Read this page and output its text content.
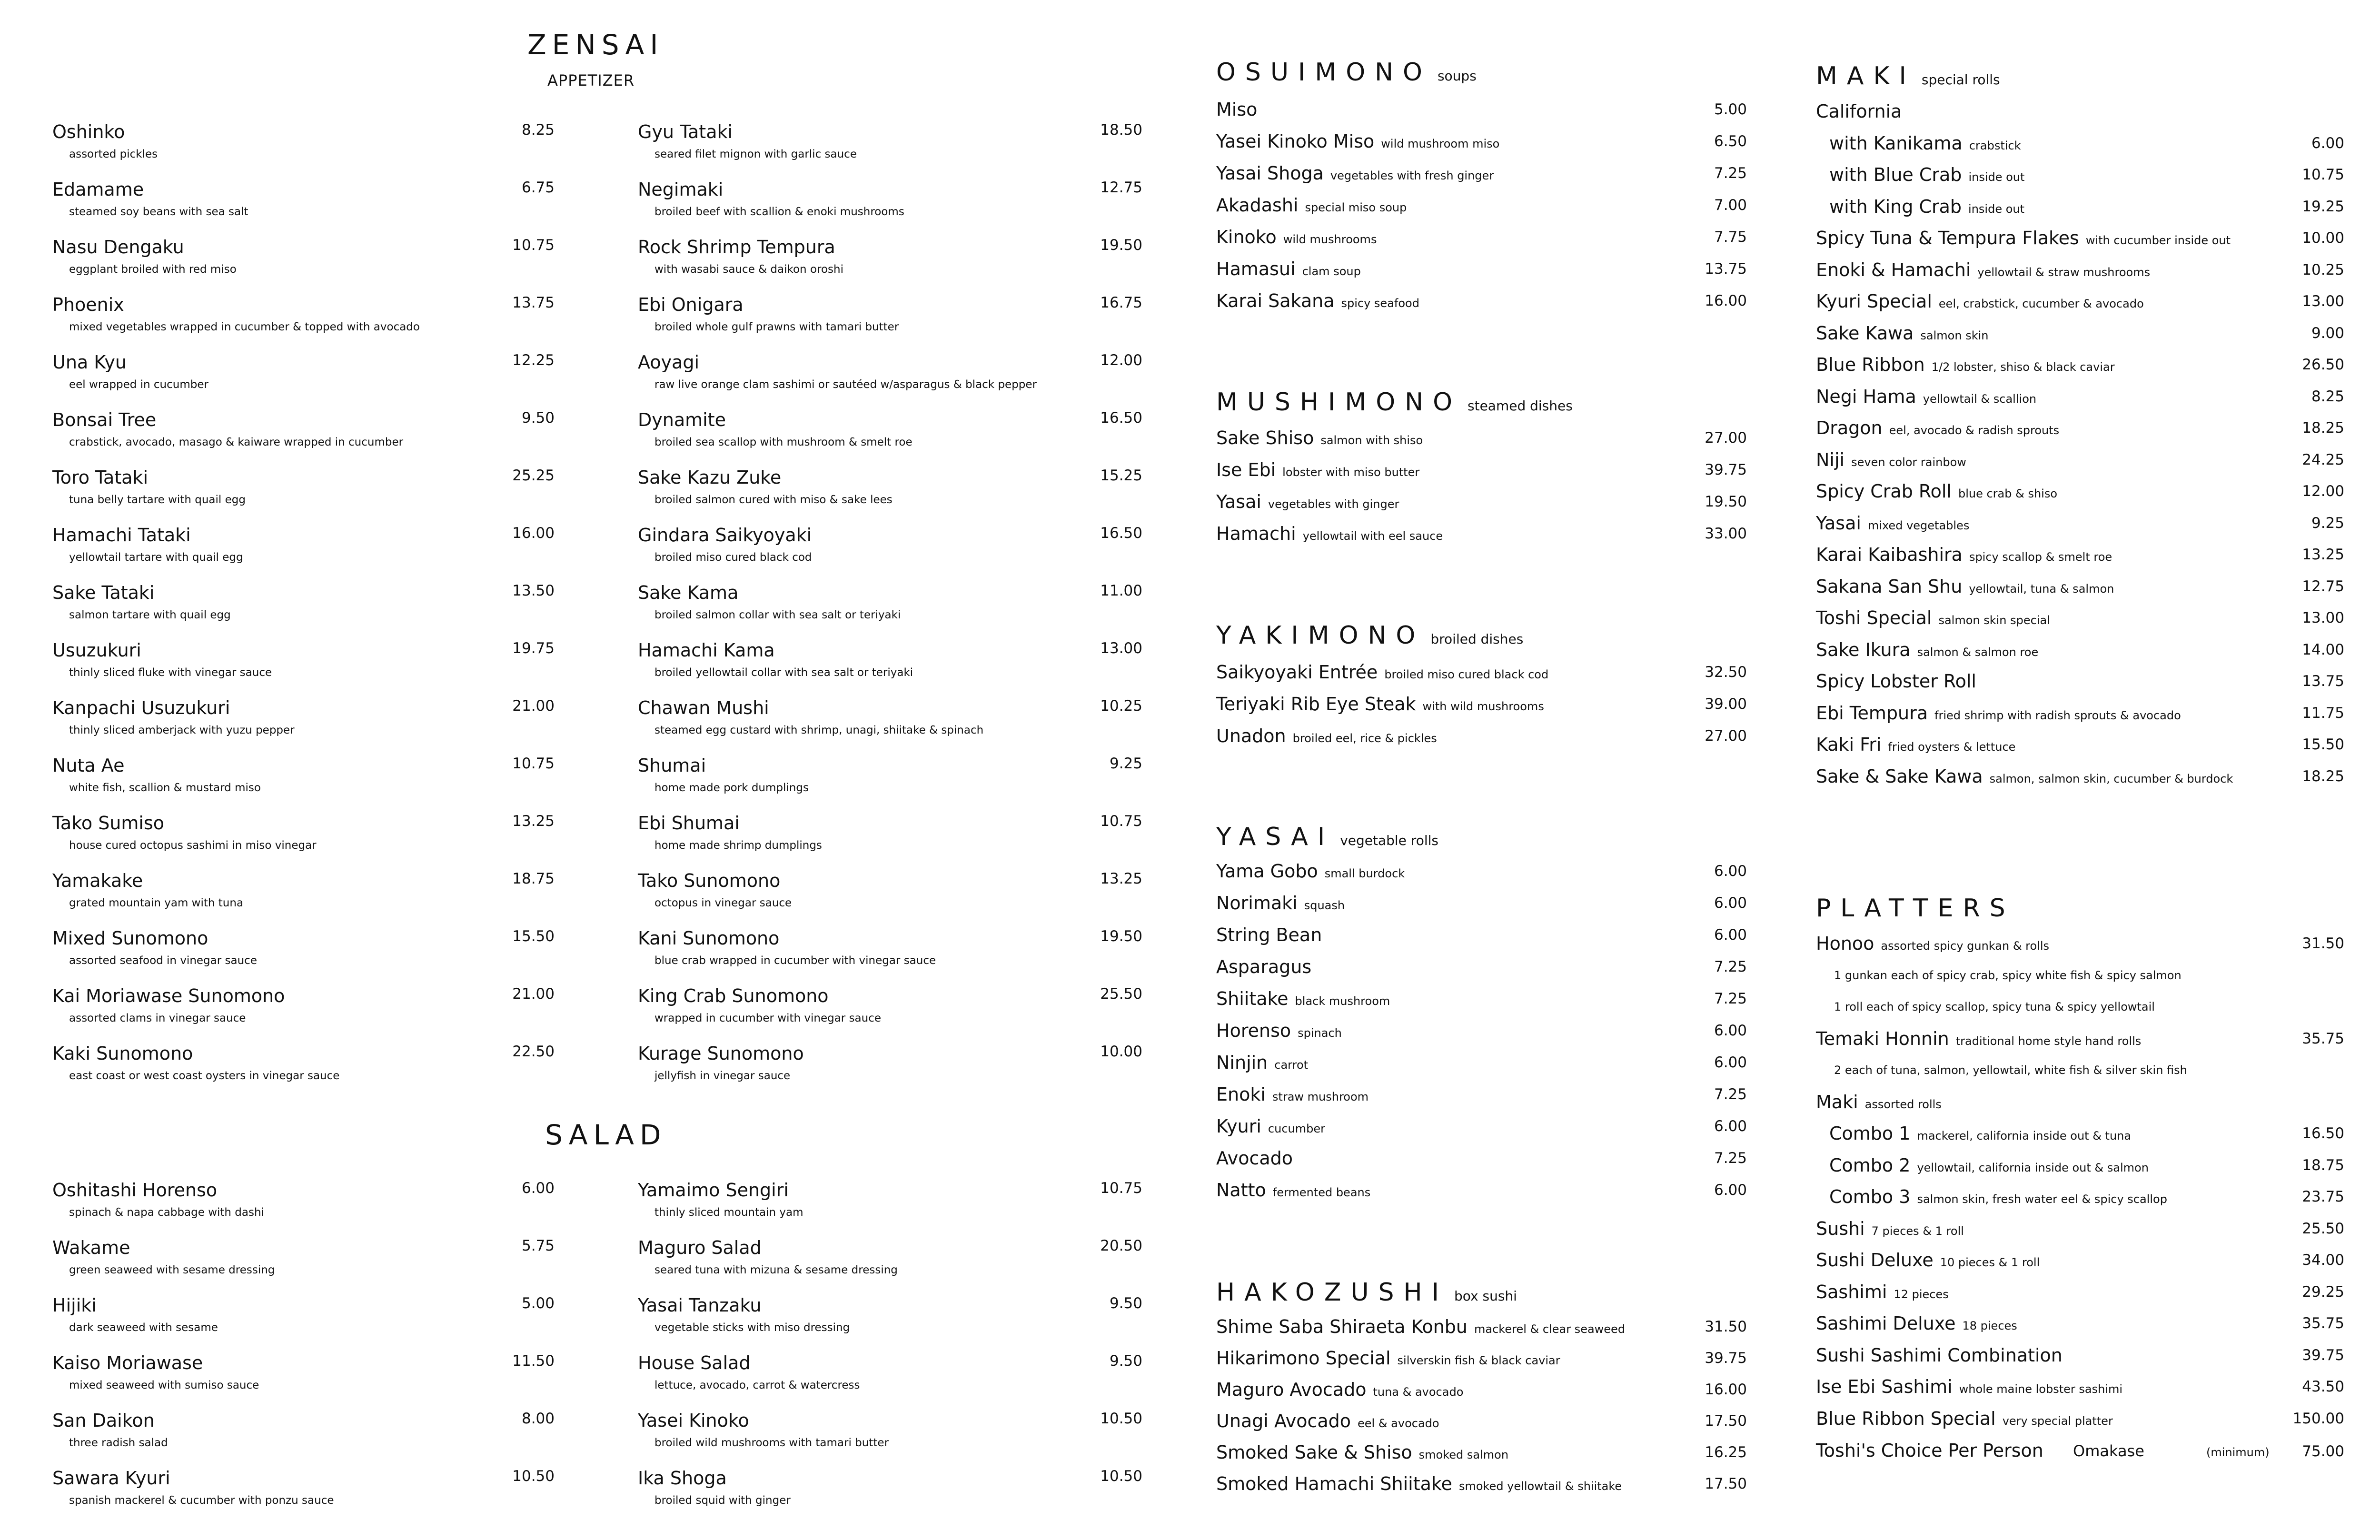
ZENSAI
APPETIZER
Oshinko	8.25
assorted pickles
Edamame	6.75
steamed soy beans with sea salt
Nasu Dengaku	10.75
eggplant broiled with red miso
Phoenix	13.75
mixed vegetables wrapped in cucumber & topped with avocado
Una Kyu	12.25
eel wrapped in cucumber
Bonsai Tree	9.50
crabstick, avocado, masago & kaiware wrapped in cucumber
Toro Tataki	25.25
tuna belly tartare with quail egg
Hamachi Tataki	16.00
yellowtail tartare with quail egg
Sake Tataki	13.50
salmon tartare with quail egg
Usuzukuri	19.75
thinly sliced fluke with vinegar sauce
Kanpachi Usuzukuri	21.00
thinly sliced amberjack with yuzu pepper
Nuta Ae	10.75
white fish, scallion & mustard miso
Tako Sumiso	13.25
house cured octopus sashimi in miso vinegar
Yamakake	18.75
grated mountain yam with tuna
Mixed Sunomono	15.50
assorted seafood in vinegar sauce
Kai Moriawase Sunomono	21.00
assorted clams in vinegar sauce
Kaki Sunomono	22.50
east coast or west coast oysters in vinegar sauce
Gyu Tataki	18.50
seared filet mignon with garlic sauce
Negimaki	12.75
broiled beef with scallion & enoki mushrooms
Rock Shrimp Tempura	19.50
with wasabi sauce & daikon oroshi
Ebi Onigara	16.75
broiled whole gulf prawns with tamari butter
Aoyagi	12.00
raw live orange clam sashimi or sautéed w/asparagus & black pepper
Dynamite	16.50
broiled sea scallop with mushroom & smelt roe
Sake Kazu Zuke	15.25
broiled salmon cured with miso & sake lees
Gindara Saikyoyaki	16.50
broiled miso cured black cod
Sake Kama	11.00
broiled salmon collar with sea salt or teriyaki
Hamachi Kama	13.00
broiled yellowtail collar with sea salt or teriyaki
Chawan Mushi	10.25
steamed egg custard with shrimp, unagi, shiitake & spinach
Shumai	9.25
home made pork dumplings
Ebi Shumai	10.75
home made shrimp dumplings
Tako Sunomono	13.25
octopus in vinegar sauce
Kani Sunomono	19.50
blue crab wrapped in cucumber with vinegar sauce
King Crab Sunomono	25.50
wrapped in cucumber with vinegar sauce
Kurage Sunomono	10.00
jellyfish in vinegar sauce
SALAD
Oshitashi Horenso	6.00
spinach & napa cabbage with dashi
Wakame	5.75
green seaweed with sesame dressing
Hijiki	5.00
dark seaweed with sesame
Kaiso Moriawase	11.50
mixed seaweed with sumiso sauce
San Daikon	8.00
three radish salad
Sawara Kyuri	10.50
spanish mackerel & cucumber with ponzu sauce
Yamaimo Sengiri	10.75
thinly sliced mountain yam
Maguro Salad	20.50
seared tuna with mizuna & sesame dressing
Yasai Tanzaku	9.50
vegetable sticks with miso dressing
House Salad	9.50
lettuce, avocado, carrot & watercress
Yasei Kinoko	10.50
broiled wild mushrooms with tamari butter
Ika Shoga	10.50
broiled squid with ginger
OSUIMONO soups
Miso	5.00
Yasei Kinoko Miso wild mushroom miso	6.50
Yasai Shoga vegetables with fresh ginger	7.25
Akadashi special miso soup	7.00
Kinoko wild mushrooms	7.75
Hamasui clam soup	13.75
Karai Sakana spicy seafood	16.00
MUSHIMONO steamed dishes
Sake Shiso salmon with shiso	27.00
Ise Ebi lobster with miso butter	39.75
Yasai vegetables with ginger	19.50
Hamachi yellowtail with eel sauce	33.00
YAKIMONO broiled dishes
Saikyoyaki Entrée broiled miso cured black cod	32.50
Teriyaki Rib Eye Steak with wild mushrooms	39.00
Unadon broiled eel, rice & pickles	27.00
YASAI vegetable rolls
Yama Gobo small burdock	6.00
Norimaki squash	6.00
String Bean	6.00
Asparagus	7.25
Shiitake black mushroom	7.25
Horenso spinach	6.00
Ninjin carrot	6.00
Enoki straw mushroom	7.25
Kyuri cucumber	6.00
Avocado	7.25
Natto fermented beans	6.00
HAKOZUSHI box sushi
Shime Saba Shiraeta Konbu mackerel & clear seaweed	31.50
Hikarimono Special silverskin fish & black caviar	39.75
Maguro Avocado tuna & avocado	16.00
Unagi Avocado eel & avocado	17.50
Smoked Sake & Shiso smoked salmon	16.25
Smoked Hamachi Shiitake smoked yellowtail & shiitake	17.50
MAKI special rolls
California
with Kanikama crabstick	6.00
with Blue Crab inside out	10.75
with King Crab inside out	19.25
Spicy Tuna & Tempura Flakes with cucumber inside out	10.00
Enoki & Hamachi yellowtail & straw mushrooms	10.25
Kyuri Special eel, crabstick, cucumber & avocado	13.00
Sake Kawa salmon skin	9.00
Blue Ribbon 1/2 lobster, shiso & black caviar	26.50
Negi Hama yellowtail & scallion	8.25
Dragon eel, avocado & radish sprouts	18.25
Niji seven color rainbow	24.25
Spicy Crab Roll blue crab & shiso	12.00
Yasai mixed vegetables	9.25
Karai Kaibashira spicy scallop & smelt roe	13.25
Sakana San Shu yellowtail, tuna & salmon	12.75
Toshi Special salmon skin special	13.00
Sake Ikura salmon & salmon roe	14.00
Spicy Lobster Roll	13.75
Ebi Tempura fried shrimp with radish sprouts & avocado	11.75
Kaki Fri fried oysters & lettuce	15.50
Sake & Sake Kawa salmon, salmon skin, cucumber & burdock	18.25
PLATTERS
Honoo assorted spicy gunkan & rolls	31.50
1 gunkan each of spicy crab, spicy white fish & spicy salmon
1 roll each of spicy scallop, spicy tuna & spicy yellowtail
Temaki Honnin traditional home style hand rolls	35.75
2 each of tuna, salmon, yellowtail, white fish & silver skin fish
Maki assorted rolls
Combo 1 mackerel, california inside out & tuna	16.50
Combo 2 yellowtail, california inside out & salmon	18.75
Combo 3 salmon skin, fresh water eel & spicy scallop	23.75
Sushi 7 pieces & 1 roll	25.50
Sushi Deluxe 10 pieces & 1 roll	34.00
Sashimi 12 pieces	29.25
Sashimi Deluxe 18 pieces	35.75
Sushi Sashimi Combination	39.75
Ise Ebi Sashimi whole maine lobster sashimi	43.50
Blue Ribbon Special very special platter	150.00
Toshi's Choice Per Person Omakase	(minimum) 75.00
